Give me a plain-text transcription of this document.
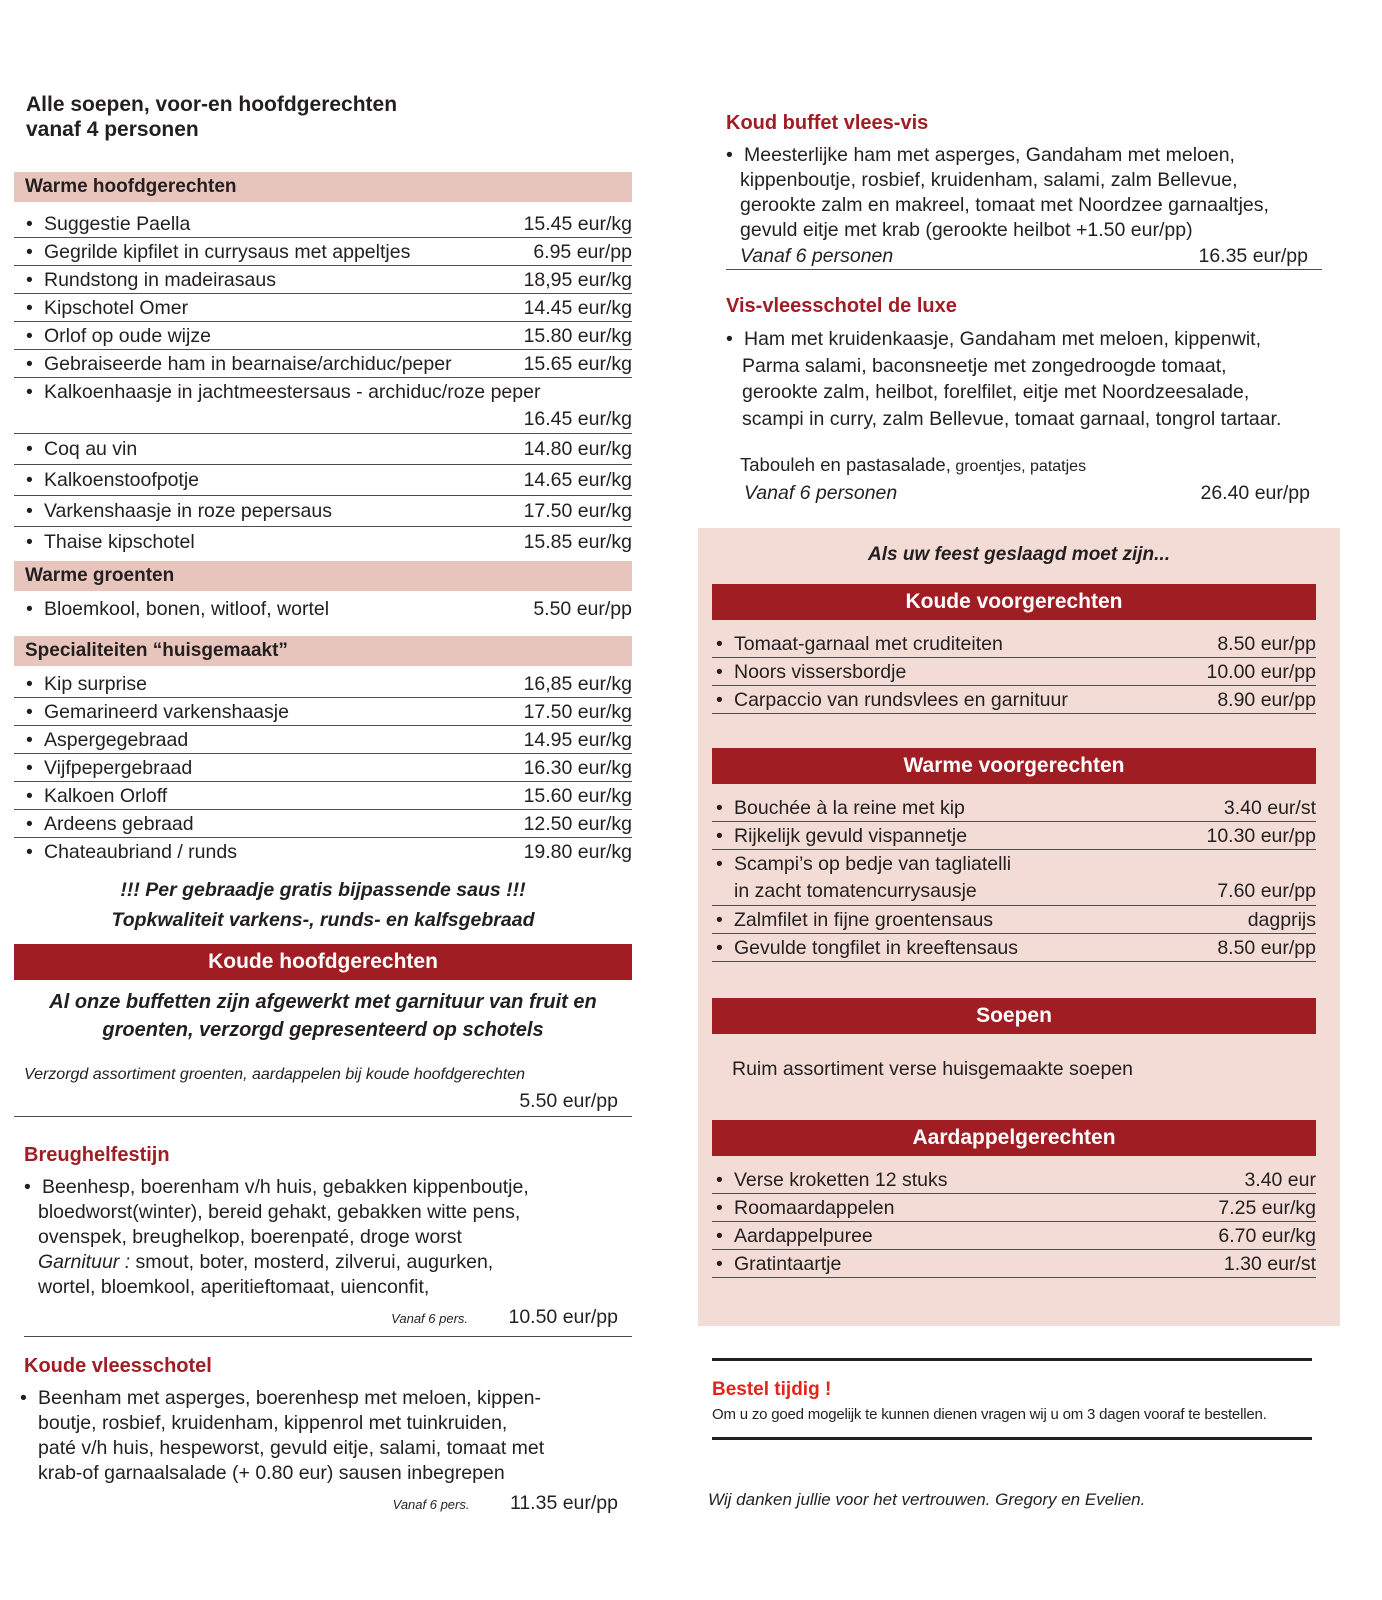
Alle soepen, voor-en hoofdgerechten
vanaf 4 personen
Warme hoofdgerechten
• Suggestie Paella	15.45 eur/kg
• Gegrilde kipfilet in currysaus met appeltjes	6.95 eur/pp
• Rundstong in madeirasaus	18,95 eur/kg
• Kipschotel Omer	14.45 eur/kg
• Orlof op oude wijze	15.80 eur/kg
• Gebraiseerde ham in bearnaise/archiduc/peper	15.65 eur/kg
• Kalkoenhaasje in jachtmeestersaus - archiduc/roze peper
16.45 eur/kg
• Coq au vin	14.80 eur/kg
• Kalkoenstoofpotje	14.65 eur/kg
• Varkenshaasje in roze pepersaus	17.50 eur/kg
• Thaise kipschotel	15.85 eur/kg
Warme groenten
• Bloemkool, bonen, witloof, wortel	5.50 eur/pp
Specialiteiten “huisgemaakt”
• Kip surprise	16,85 eur/kg
• Gemarineerd varkenshaasje	17.50 eur/kg
• Aspergegebraad	14.95 eur/kg
• Vijfpepergebraad	16.30 eur/kg
• Kalkoen Orloff	15.60 eur/kg
• Ardeens gebraad	12.50 eur/kg
• Chateaubriand / runds	19.80 eur/kg
!!! Per gebraadje gratis bijpassende saus !!!
Topkwaliteit varkens-, runds- en kalfsgebraad
Koude hoofdgerechten
Al onze buffetten zijn afgewerkt met garnituur van fruit en
groenten, verzorgd gepresenteerd op schotels
Verzorgd assortiment groenten, aardappelen bij koude hoofdgerechten
5.50 eur/pp
Breughelfestijn
• Beenhesp, boerenham v/h huis, gebakken kippenboutje,
bloedworst(winter), bereid gehakt, gebakken witte pens,
ovenspek, breughelkop, boerenpaté, droge worst
Garnituur : smout, boter, mosterd, zilverui, augurken,
wortel, bloemkool, aperitieftomaat, uienconfit,
Vanaf 6 pers. 10.50 eur/pp
Koude vleesschotel
• Beenham met asperges, boerenhesp met meloen, kippen-
boutje, rosbief, kruidenham, kippenrol met tuinkruiden,
paté v/h huis, hespeworst, gevuld eitje, salami, tomaat met
krab-of garnaalsalade (+ 0.80 eur) sausen inbegrepen
Vanaf 6 pers. 11.35 eur/pp
Koud buffet vlees-vis
• Meesterlijke ham met asperges, Gandaham met meloen,
kippenboutje, rosbief, kruidenham, salami, zalm Bellevue,
gerookte zalm en makreel, tomaat met Noordzee garnaaltjes,
gevuld eitje met krab (gerookte heilbot +1.50 eur/pp)
Vanaf 6 personen	16.35 eur/pp
Vis-vleesschotel de luxe
• Ham met kruidenkaasje, Gandaham met meloen, kippenwit,
Parma salami, baconsneetje met zongedroogde tomaat,
gerookte zalm, heilbot, forelfilet, eitje met Noordzeesalade,
scampi in curry, zalm Bellevue, tomaat garnaal, tongrol tartaar.
Tabouleh en pastasalade, groentjes, patatjes
Vanaf 6 personen	26.40 eur/pp
Als uw feest geslaagd moet zijn...
Koude voorgerechten
• Tomaat-garnaal met cruditeiten	8.50 eur/pp
• Noors vissersbordje	10.00 eur/pp
• Carpaccio van rundsvlees en garnituur	8.90 eur/pp
Warme voorgerechten
• Bouchée à la reine met kip	3.40 eur/st
• Rijkelijk gevuld vispannetje	10.30 eur/pp
• Scampi’s op bedje van tagliatelli
in zacht tomatencurrysausje	7.60 eur/pp
• Zalmfilet in fijne groentensaus	dagprijs
• Gevulde tongfilet in kreeftensaus	8.50 eur/pp
Soepen
Ruim assortiment verse huisgemaakte soepen
Aardappelgerechten
• Verse kroketten 12 stuks	3.40 eur
• Roomaardappelen	7.25 eur/kg
• Aardappelpuree	6.70 eur/kg
• Gratintaartje	1.30 eur/st
Bestel tijdig !
Om u zo goed mogelijk te kunnen dienen vragen wij u om 3 dagen vooraf te bestellen.
Wij danken jullie voor het vertrouwen. Gregory en Evelien.
